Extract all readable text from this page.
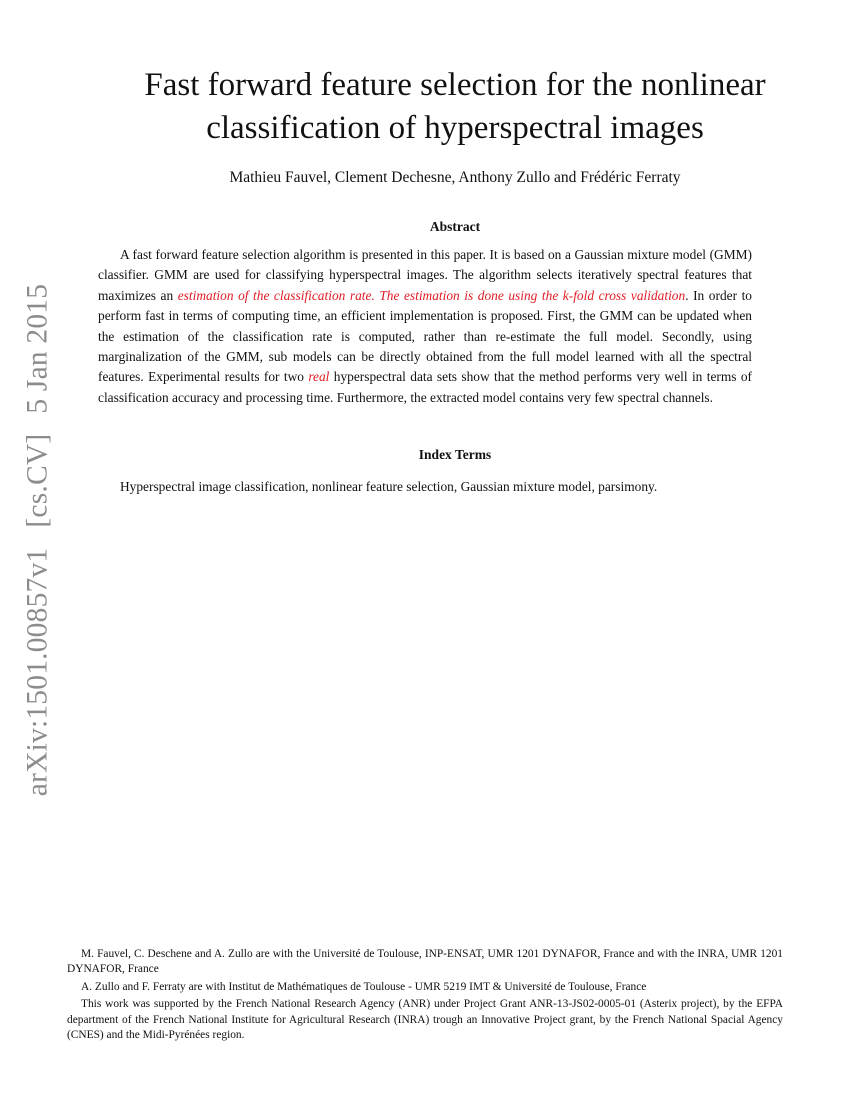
arXiv:1501.00857v1[cs.CV]5 Jan 2015
Fast forward feature selection for the nonlinear
classification of hyperspectral images
Mathieu Fauvel, Clement Dechesne, Anthony Zullo and Frédéric Ferraty
Abstract

A fast forward feature selection algorithm is presented in this paper. It is based on a Gaussian mixture model (GMM) classifier. GMM are used for classifying hyperspectral images. The algorithm selects iteratively spectral features that maximizes an estimation of the classification rate. The estimation is done using the k-fold cross validation. In order to perform fast in terms of computing time, an efficient implementation is proposed. First, the GMM can be updated when the estimation of the classification rate is computed, rather than re-estimate the full model. Secondly, using marginalization of the GMM, sub models can be directly obtained from the full model learned with all the spectral features. Experimental results for two real hyperspectral data sets show that the method performs very well in terms of classification accuracy and processing time. Furthermore, the extracted model contains very few spectral channels.

Index Terms

Hyperspectral image classification, nonlinear feature selection, Gaussian mixture model, parsimony.

M. Fauvel, C. Deschene and A. Zullo are with the Université de Toulouse, INP-ENSAT, UMR 1201 DYNAFOR, France and with the INRA, UMR 1201 DYNAFOR, France

A. Zullo and F. Ferraty are with Institut de Mathématiques de Toulouse - UMR 5219 IMT & Université de Toulouse, France

This work was supported by the French National Research Agency (ANR) under Project Grant ANR-13-JS02-0005-01 (Asterix project), by the EFPA department of the French National Institute for Agricultural Research (INRA) trough an Innovative Project grant, by the French National Spacial Agency (CNES) and the Midi-Pyrénées region.
